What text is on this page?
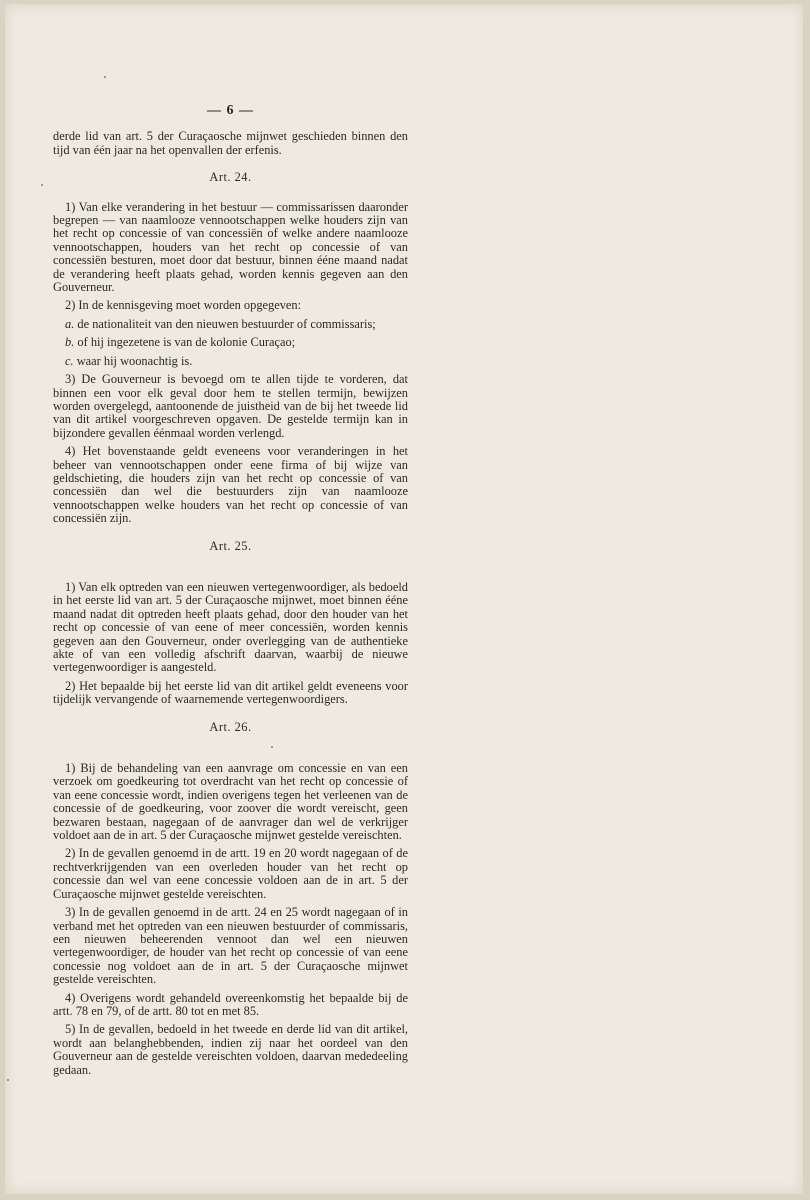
— 6 —

derde lid van art. 5 der Curaçaosche mijnwet geschieden binnen den tijd van één jaar na het openvallen der erfenis.

Art. 24.

1) Van elke verandering in het bestuur — commissarissen daaronder begrepen — van naamlooze vennootschappen welke houders zijn van het recht op concessie of van concessiën of welke andere naamlooze vennootschappen, houders van het recht op concessie of van concessiën besturen, moet door dat bestuur, binnen ééne maand nadat de verandering heeft plaats gehad, worden kennis gegeven aan den Gouverneur.

2) In de kennisgeving moet worden opgegeven:

a. de nationaliteit van den nieuwen bestuurder of commissaris;

b. of hij ingezetene is van de kolonie Curaçao;

c. waar hij woonachtig is.

3) De Gouverneur is bevoegd om te allen tijde te vorderen, dat binnen een voor elk geval door hem te stellen termijn, bewijzen worden overgelegd, aantoonende de juistheid van de bij het tweede lid van dit artikel voorgeschreven opgaven. De gestelde termijn kan in bijzondere gevallen éénmaal worden verlengd.

4) Het bovenstaande geldt eveneens voor veranderingen in het beheer van vennootschappen onder eene firma of bij wijze van geldschieting, die houders zijn van het recht op concessie of van concessiën dan wel die bestuurders zijn van naamlooze vennootschappen welke houders van het recht op concessie of van concessiën zijn.

Art. 25.

1) Van elk optreden van een nieuwen vertegenwoordiger, als bedoeld in het eerste lid van art. 5 der Curaçaosche mijnwet, moet binnen ééne maand nadat dit optreden heeft plaats gehad, door den houder van het recht op concessie of van eene of meer concessiën, worden kennis gegeven aan den Gouverneur, onder overlegging van de authentieke akte of van een volledig afschrift daarvan, waarbij de nieuwe vertegenwoordiger is aangesteld.

2) Het bepaalde bij het eerste lid van dit artikel geldt eveneens voor tijdelijk vervangende of waarnemende vertegenwoordigers.

Art. 26.

1) Bij de behandeling van een aanvrage om concessie en van een verzoek om goedkeuring tot overdracht van het recht op concessie of van eene concessie wordt, indien overigens tegen het verleenen van de concessie of de goedkeuring, voor zoover die wordt vereischt, geen bezwaren bestaan, nagegaan of de aanvrager dan wel de verkrijger voldoet aan de in art. 5 der Curaçaosche mijnwet gestelde vereischten.

2) In de gevallen genoemd in de artt. 19 en 20 wordt nagegaan of de rechtverkrijgenden van een overleden houder van het recht op concessie dan wel van eene concessie voldoen aan de in art. 5 der Curaçaosche mijnwet gestelde vereischten.

3) In de gevallen genoemd in de artt. 24 en 25 wordt nagegaan of in verband met het optreden van een nieuwen bestuurder of commissaris, een nieuwen beheerenden vennoot dan wel een nieuwen vertegenwoordiger, de houder van het recht op concessie of van eene concessie nog voldoet aan de in art. 5 der Curaçaosche mijnwet gestelde vereischten.

4) Overigens wordt gehandeld overeenkomstig het bepaalde bij de artt. 78 en 79, of de artt. 80 tot en met 85.

5) In de gevallen, bedoeld in het tweede en derde lid van dit artikel, wordt aan belanghebbenden, indien zij naar het oordeel van den Gouverneur aan de gestelde vereischten voldoen, daarvan mededeeling gedaan.
